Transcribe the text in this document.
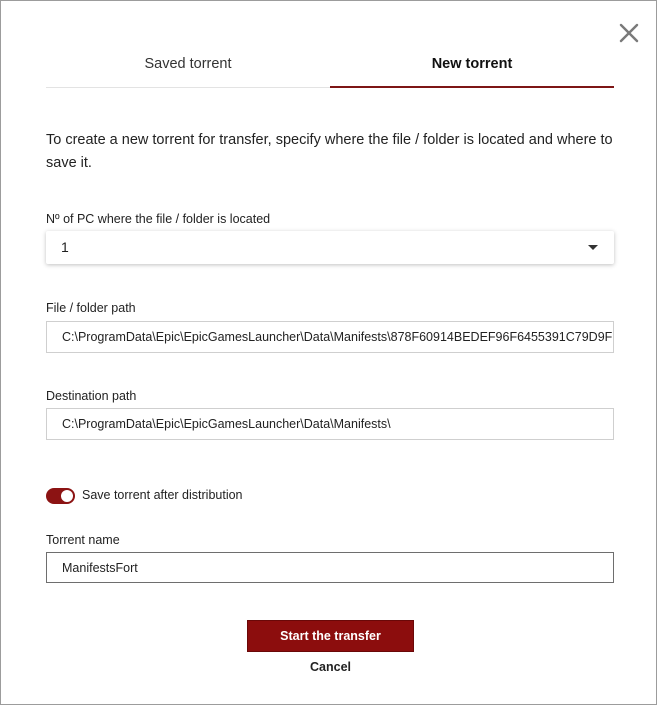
Saved torrent	New torrent
To create a new torrent for transfer, specify where the file / folder is located and where to save it.
Nº of PC where the file / folder is located
1
File / folder path
C:\ProgramData\Epic\EpicGamesLauncher\Data\Manifests\878F60914BEDEF96F6455391C79D9F
Destination path
C:\ProgramData\Epic\EpicGamesLauncher\Data\Manifests\
Save torrent after distribution
Torrent name
ManifestsFort
Start the transfer
Cancel
